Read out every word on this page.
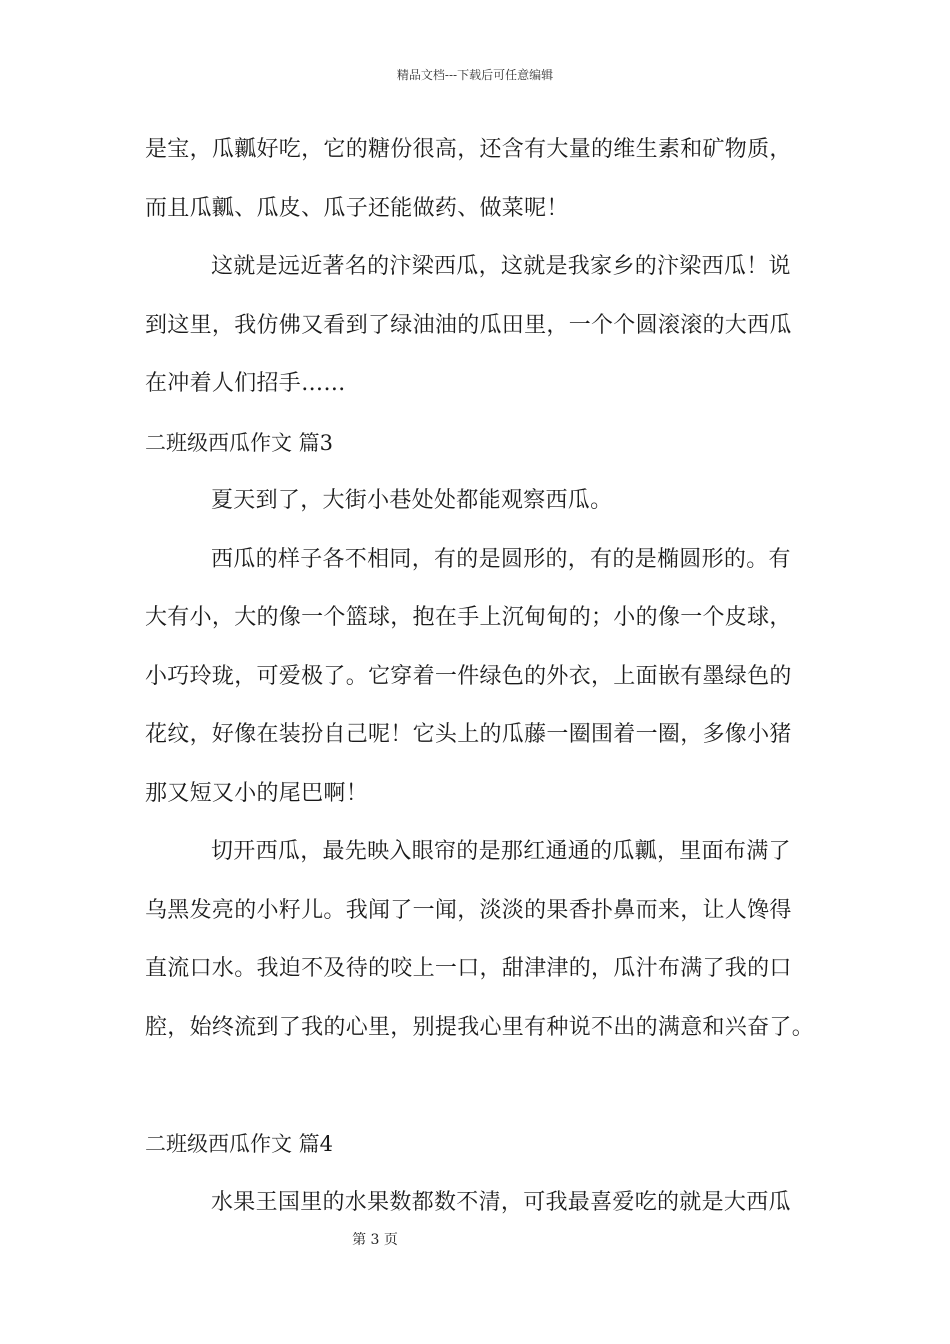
精品文档---下载后可任意编辑
是宝，瓜瓤好吃，它的糖份很高，还含有大量的维生素和矿物质，
而且瓜瓤、瓜皮、瓜子还能做药、做菜呢！
这就是远近著名的汴梁西瓜，这就是我家乡的汴梁西瓜！说
到这里，我仿佛又看到了绿油油的瓜田里，一个个圆滚滚的大西瓜
在冲着人们招手……
二班级西瓜作文 篇3
夏天到了，大街小巷处处都能观察西瓜。
西瓜的样子各不相同，有的是圆形的，有的是椭圆形的。有
大有小，大的像一个篮球，抱在手上沉甸甸的；小的像一个皮球，
小巧玲珑，可爱极了。它穿着一件绿色的外衣，上面嵌有墨绿色的
花纹，好像在装扮自己呢！它头上的瓜藤一圈围着一圈，多像小猪
那又短又小的尾巴啊！
切开西瓜，最先映入眼帘的是那红通通的瓜瓤，里面布满了
乌黑发亮的小籽儿。我闻了一闻，淡淡的果香扑鼻而来，让人馋得
直流口水。我迫不及待的咬上一口，甜津津的，瓜汁布满了我的口
腔，始终流到了我的心里，别提我心里有种说不出的满意和兴奋了。
二班级西瓜作文 篇4
水果王国里的水果数都数不清，可我最喜爱吃的就是大西瓜
第 3 页
